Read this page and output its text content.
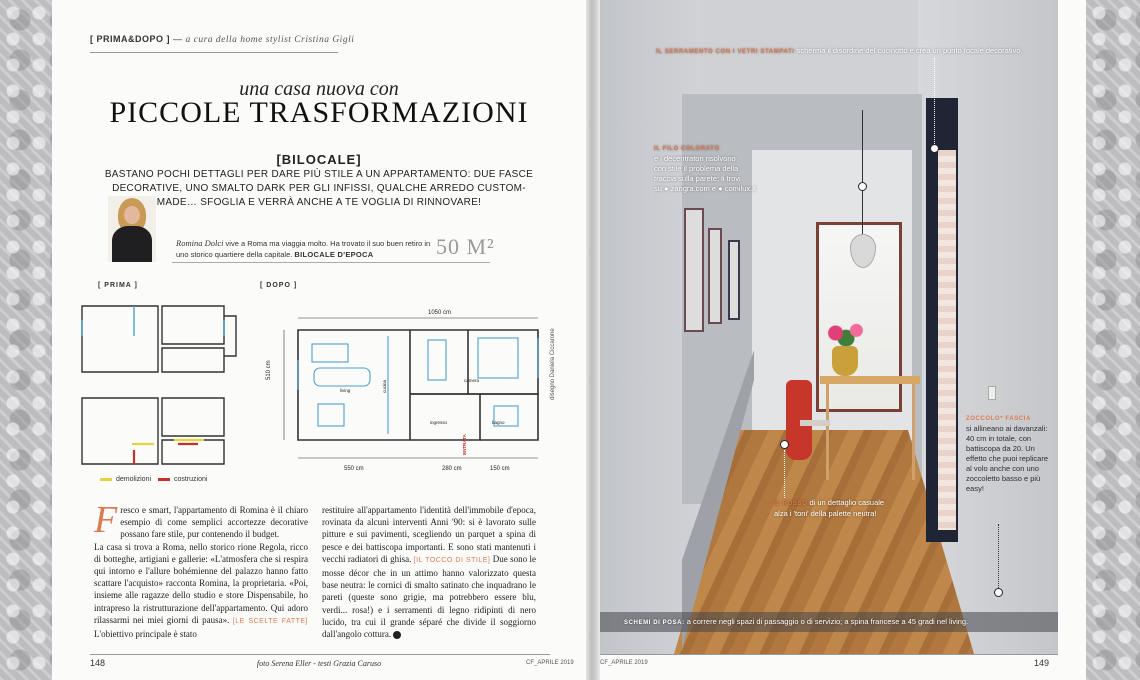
[ PRIMA&DOPO ] — a cura della home stylist Cristina Gigli
una casa nuova con
PICCOLE TRASFORMAZIONI
[BILOCALE]
BASTANO POCHI DETTAGLI PER DARE PIÙ STILE A UN APPARTAMENTO: DUE FASCE DECORATIVE, UNO SMALTO DARK PER GLI INFISSI, QUALCHE ARREDO CUSTOM-MADE… SFOGLIA E VERRÀ ANCHE A TE VOGLIA DI RINNOVARE!
Romina Dolci vive a Roma ma viaggia molto. Ha trovato il suo buen retiro in uno storico quartiere della capitale. BILOCALE D'EPOCA	50 M²
[ PRIMA ]	[ DOPO ]
1050 cm
510 cm
550 cm	280 cm	150 cm
living	cucina	camera
ingresso	bagno
ENTRATA
disegno Daniela Ciccarone
demolizioni	costruzioni
Fresco e smart, l'appartamento di Romina è il chiaro esempio di come semplici accortezze decorative possano fare stile, pur contenendo il budget.
La casa si trova a Roma, nello storico rione Regola, ricco di botteghe, artigiani e gallerie: «L'atmosfera che si respira qui intorno e l'allure bohémienne del palazzo hanno fatto scattare l'acquisto» racconta Romina, la proprietaria. «Poi, insieme alle ragazze dello studio e store Dispensabile, ho intrapreso la ristrutturazione dell'appartamento. Qui adoro rilassarmi nei miei giorni di pausa». [LE SCELTE FATTE] L'obiettivo principale è stato
restituire all'appartamento l'identità dell'immobile d'epoca, rovinata da alcuni interventi Anni '90: si è lavorato sulle pitture e sui pavimenti, scegliendo un parquet a spina di pesce e dei battiscopa importanti. E sono stati mantenuti i vecchi radiatori di ghisa. [IL TOCCO DI STILE] Due sono le mosse décor che in un attimo hanno valorizzato questa base neutra: le cornici di smalto satinato che inquadrano le pareti (queste sono grigie, ma potrebbero essere blu, verdi... rosa!) e i serramenti di legno ridipinti di nero lucido, tra cui il grande séparé che divide il soggiorno dall'angolo cottura.
148	foto Serena Eller - testi Grazia Caruso	CF_APRILE 2019
IL SERRAMENTO CON I VETRI STAMPATI scherma il disordine del cucinotto e crea un punto focale decorativo.
IL FILO COLORATO
e i decentratori risolvono
con stile il problema della
traccia sulla parete: li trovi
su ● zangra.com e ● comilux.it
IL ROSSO di un dettaglio casuale
alza i 'toni' della palette neutra!
ZOCCOLO* FASCIA
si allineano ai davanzali: 40 cm in totale, con battiscopa da 20. Un effetto che puoi replicare al volo anche con uno zoccoletto basso e più easy!
SCHEMI DI POSA: a correre negli spazi di passaggio o di servizio; a spina francese a 45 gradi nel living.
CF_APRILE 2019	149
